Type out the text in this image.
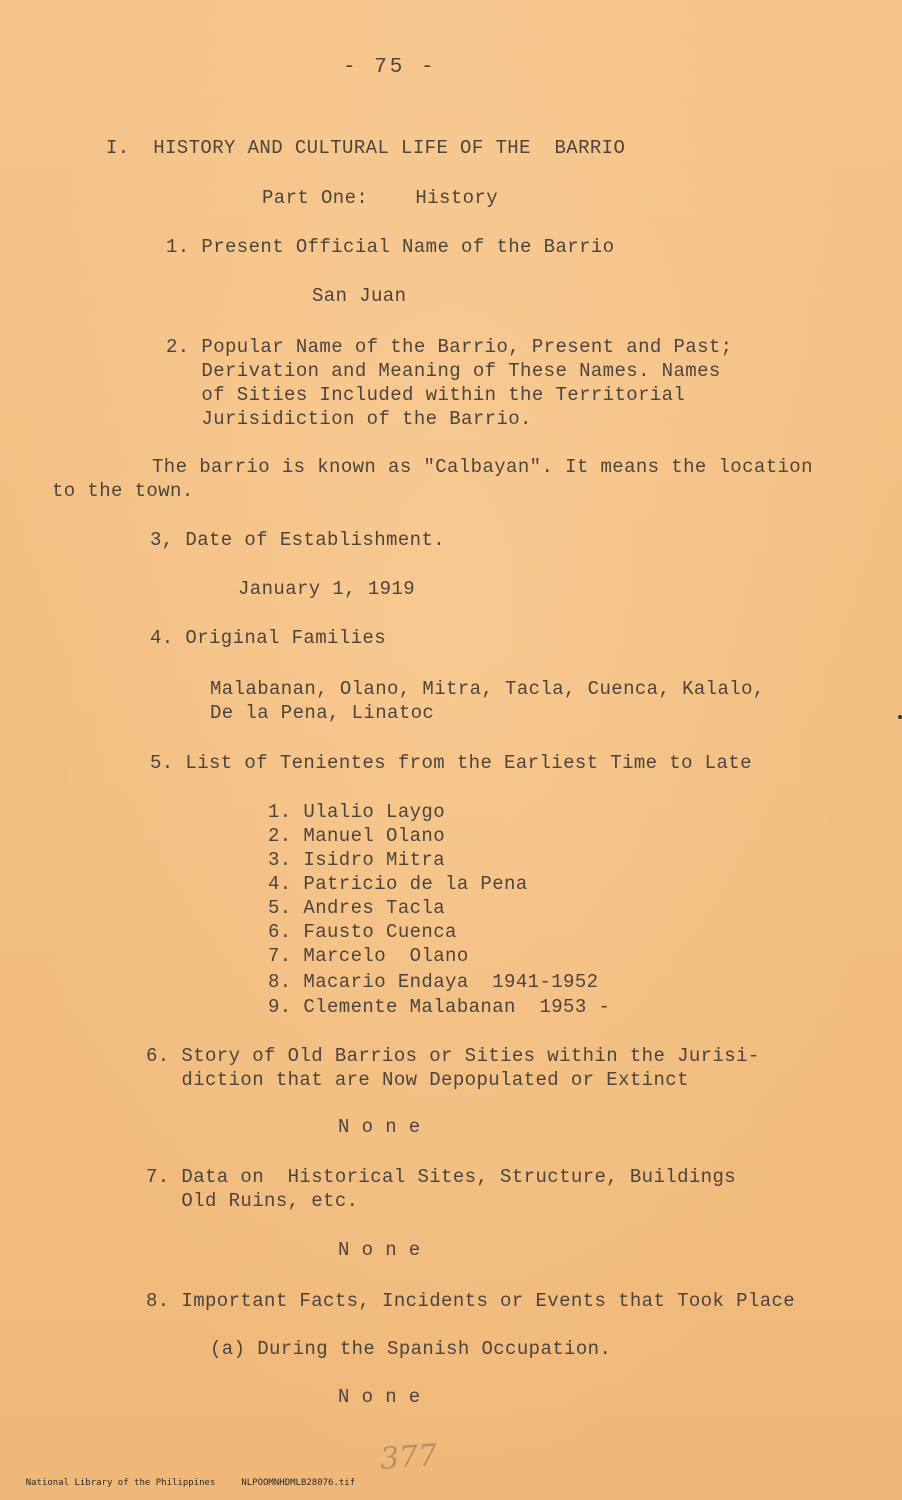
- 75 -
I.  HISTORY AND CULTURAL LIFE OF THE  BARRIO
Part One:    History
1. Present Official Name of the Barrio
San Juan
2. Popular Name of the Barrio, Present and Past;
Derivation and Meaning of These Names. Names
of Sities Included within the Territorial
Jurisidiction of the Barrio.
The barrio is known as "Calbayan". It means the location
to the town.
3, Date of Establishment.
January 1, 1919
4. Original Families
Malabanan, Olano, Mitra, Tacla, Cuenca, Kalalo,
De la Pena, Linatoc
5. List of Tenientes from the Earliest Time to Late
1. Ulalio Laygo
2. Manuel Olano
3. Isidro Mitra
4. Patricio de la Pena
5. Andres Tacla
6. Fausto Cuenca
7. Marcelo  Olano
8. Macario Endaya  1941-1952
9. Clemente Malabanan  1953 -
6. Story of Old Barrios or Sities within the Jurisi-
diction that are Now Depopulated or Extinct
N o n e
7. Data on  Historical Sites, Structure, Buildings
Old Ruins, etc.
N o n e
8. Important Facts, Incidents or Events that Took Place
(a) During the Spanish Occupation.
N o n e
377

National Library of the Philippines	NLPOOMNHDMLB28076.tif
